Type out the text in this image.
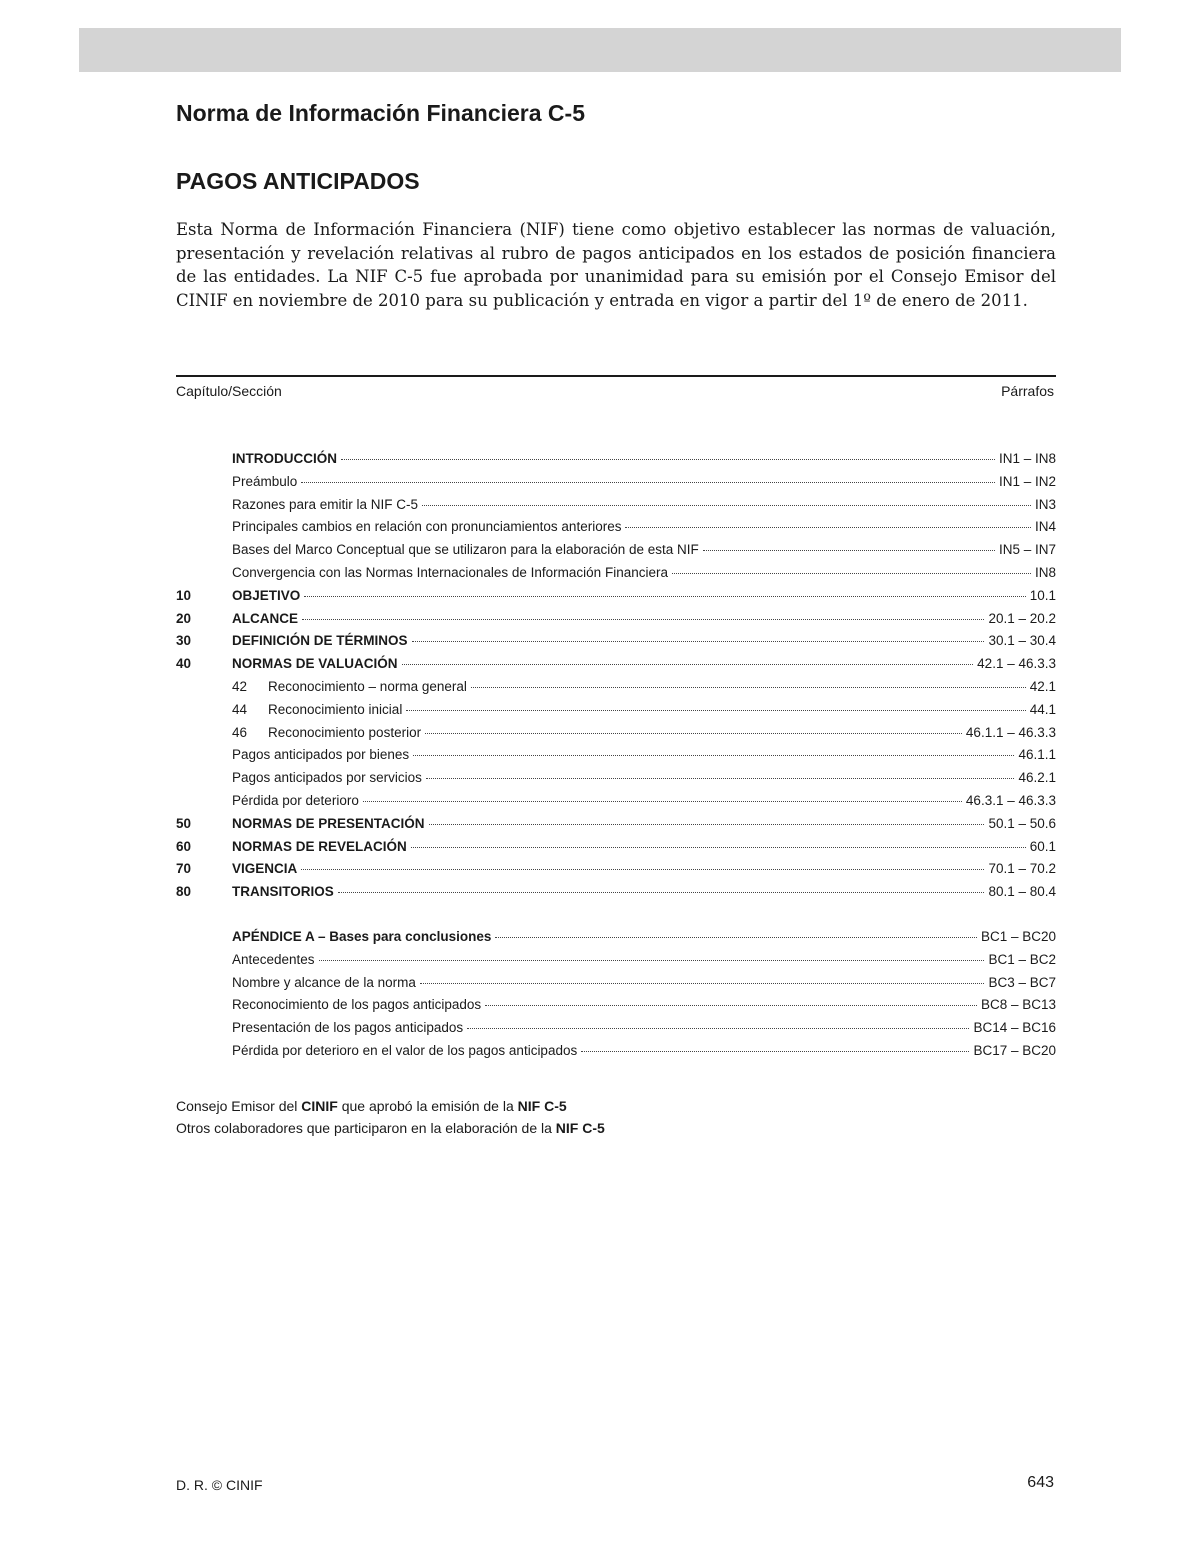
Norma de Información Financiera C-5
PAGOS ANTICIPADOS
Esta Norma de Información Financiera (NIF) tiene como objetivo establecer las normas de valuación, presentación y revelación relativas al rubro de pagos anticipados en los estados de posición financiera de las entidades. La NIF C-5 fue aprobada por unanimidad para su emisión por el Consejo Emisor del CINIF en noviembre de 2010 para su publicación y entrada en vigor a partir del 1º de enero de 2011.
Capítulo/Sección	Párrafos
INTRODUCCIÓN	IN1 – IN8
Preámbulo	IN1 – IN2
Razones para emitir la NIF C-5	IN3
Principales cambios en relación con pronunciamientos anteriores	IN4
Bases del Marco Conceptual que se utilizaron para la elaboración de esta NIF	IN5 – IN7
Convergencia con las Normas Internacionales de Información Financiera	IN8
10	OBJETIVO	10.1
20	ALCANCE	20.1 – 20.2
30	DEFINICIÓN DE TÉRMINOS	30.1 – 30.4
40	NORMAS DE VALUACIÓN	42.1 – 46.3.3
42	Reconocimiento – norma general	42.1
44	Reconocimiento inicial	44.1
46	Reconocimiento posterior	46.1.1 – 46.3.3
Pagos anticipados por bienes	46.1.1
Pagos anticipados por servicios	46.2.1
Pérdida por deterioro	46.3.1 – 46.3.3
50	NORMAS DE PRESENTACIÓN	50.1 – 50.6
60	NORMAS DE REVELACIÓN	60.1
70	VIGENCIA	70.1 – 70.2
80	TRANSITORIOS	80.1 – 80.4
APÉNDICE A – Bases para conclusiones	BC1 – BC20
Antecedentes	BC1 – BC2
Nombre y alcance de la norma	BC3 – BC7
Reconocimiento de los pagos anticipados	BC8 – BC13
Presentación de los pagos anticipados	BC14 – BC16
Pérdida por deterioro en el valor de los pagos anticipados	BC17 – BC20
Consejo Emisor del CINIF que aprobó la emisión de la NIF C-5
Otros colaboradores que participaron en la elaboración de la NIF C-5
D. R. © CINIF	643
